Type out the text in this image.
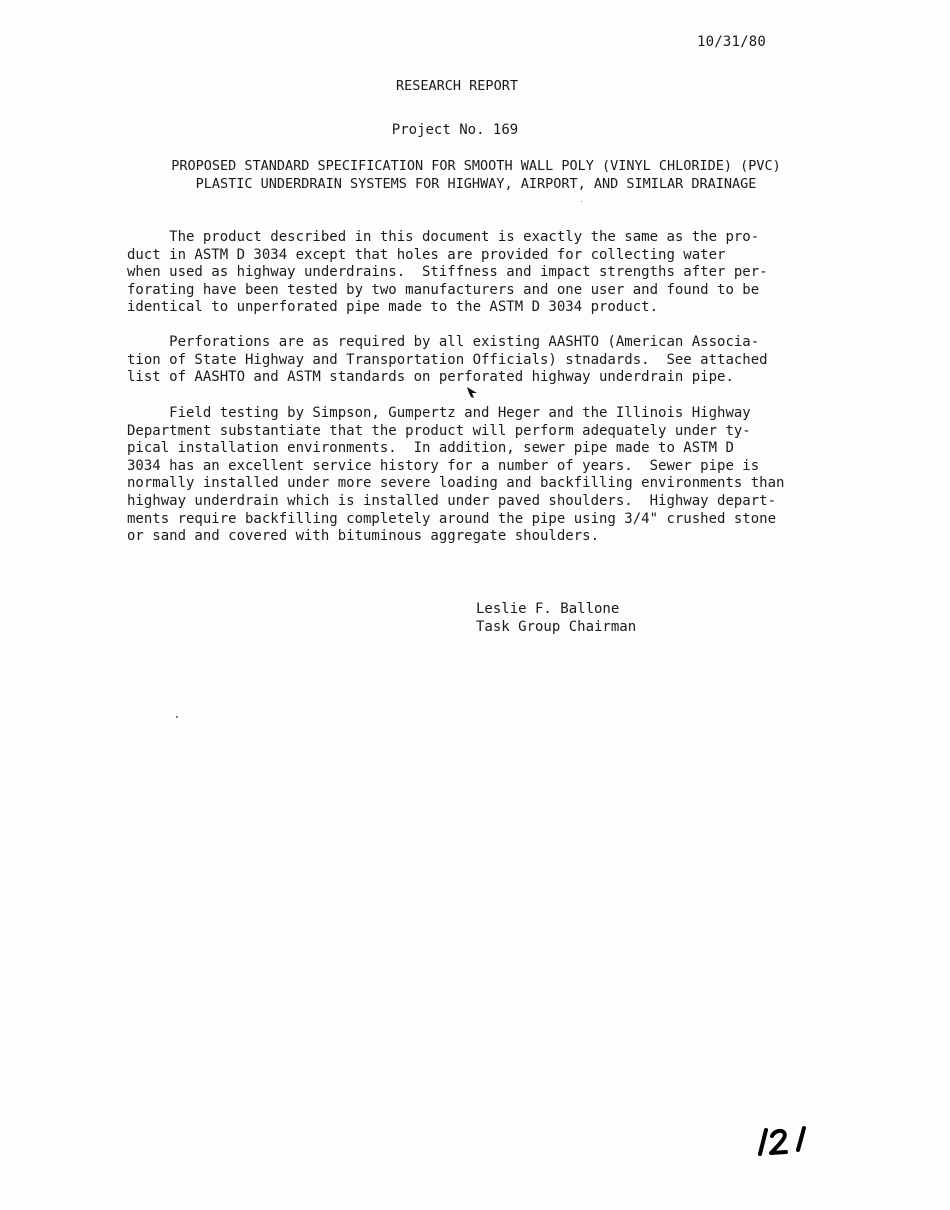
10/31/80
RESEARCH REPORT
Project No. 169
PROPOSED STANDARD SPECIFICATION FOR SMOOTH WALL POLY (VINYL CHLORIDE) (PVC)
PLASTIC UNDERDRAIN SYSTEMS FOR HIGHWAY, AIRPORT, AND SIMILAR DRAINAGE
The product described in this document is exactly the same as the pro-
duct in ASTM D 3034 except that holes are provided for collecting water
when used as highway underdrains.  Stiffness and impact strengths after per-
forating have been tested by two manufacturers and one user and found to be
identical to unperforated pipe made to the ASTM D 3034 product.
Perforations are as required by all existing AASHTO (American Associa-
tion of State Highway and Transportation Officials) stnadards.  See attached
list of AASHTO and ASTM standards on perforated highway underdrain pipe.
Field testing by Simpson, Gumpertz and Heger and the Illinois Highway
Department substantiate that the product will perform adequately under ty-
pical installation environments.  In addition, sewer pipe made to ASTM D
3034 has an excellent service history for a number of years.  Sewer pipe is
normally installed under more severe loading and backfilling environments than
highway underdrain which is installed under paved shoulders.  Highway depart-
ments require backfilling completely around the pipe using 3/4" crushed stone
or sand and covered with bituminous aggregate shoulders.
Leslie F. Ballone
Task Group Chairman
